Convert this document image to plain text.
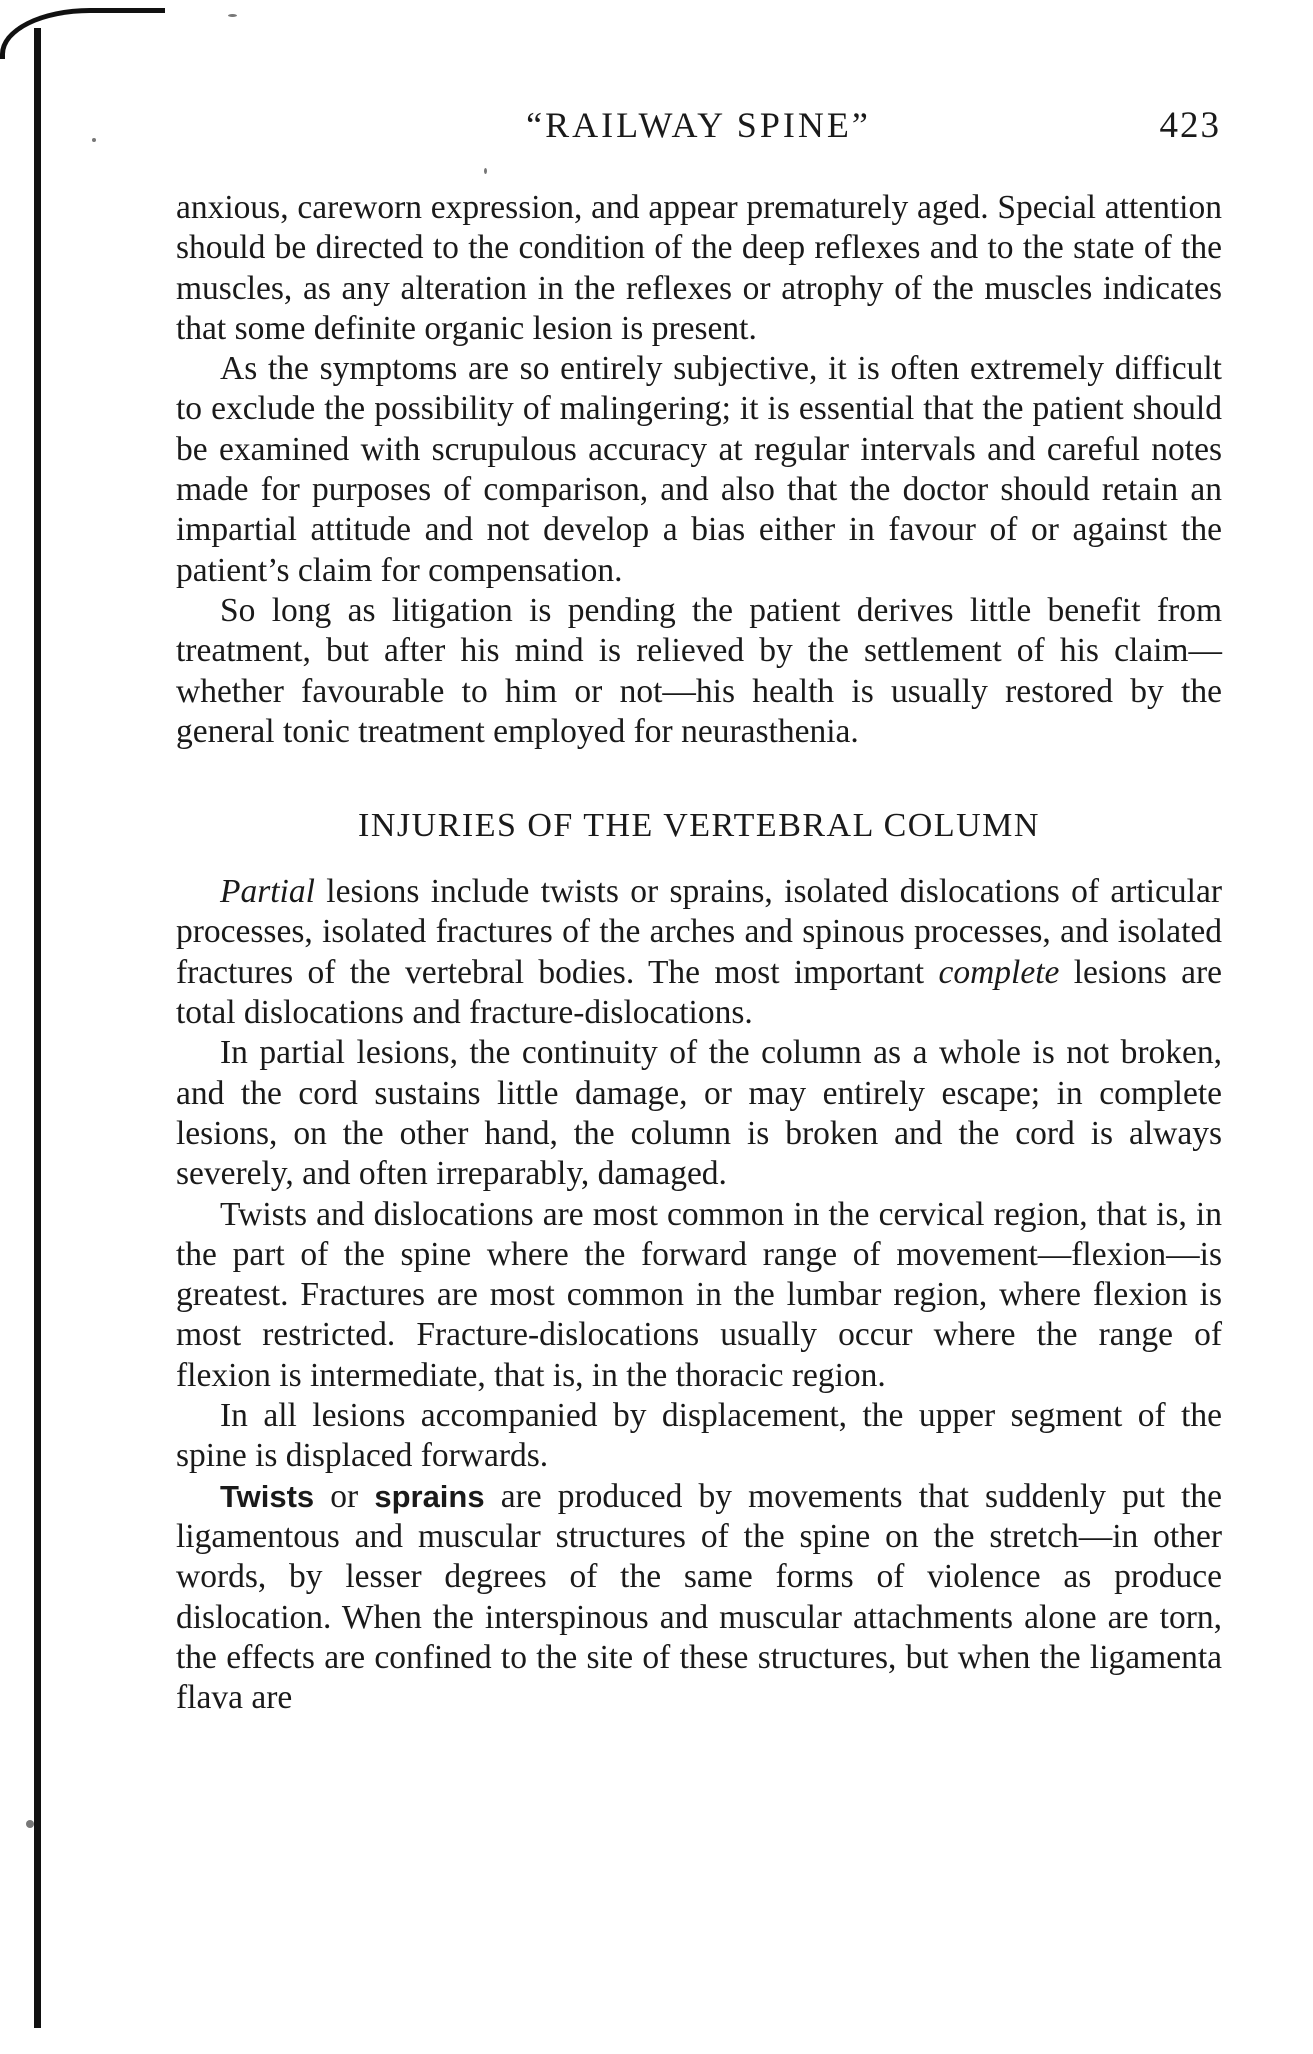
“RAILWAY SPINE”	423

anxious, careworn expression, and appear prematurely aged. Special attention should be directed to the condition of the deep reflexes and to the state of the muscles, as any alteration in the reflexes or atrophy of the muscles indicates that some definite organic lesion is present.

As the symptoms are so entirely subjective, it is often extremely difficult to exclude the possibility of malingering; it is essential that the patient should be examined with scrupulous accuracy at regular intervals and careful notes made for purposes of comparison, and also that the doctor should retain an impartial attitude and not develop a bias either in favour of or against the patient’s claim for compensation.

So long as litigation is pending the patient derives little benefit from treatment, but after his mind is relieved by the settlement of his claim—whether favourable to him or not—his health is usually restored by the general tonic treatment employed for neurasthenia.

INJURIES OF THE VERTEBRAL COLUMN

Partial lesions include twists or sprains, isolated dislocations of articular processes, isolated fractures of the arches and spinous processes, and isolated fractures of the vertebral bodies. The most important complete lesions are total dislocations and fracture-dislocations.

In partial lesions, the continuity of the column as a whole is not broken, and the cord sustains little damage, or may entirely escape; in complete lesions, on the other hand, the column is broken and the cord is always severely, and often irreparably, damaged.

Twists and dislocations are most common in the cervical region, that is, in the part of the spine where the forward range of movement—flexion—is greatest. Fractures are most common in the lumbar region, where flexion is most restricted. Fracture-dislocations usually occur where the range of flexion is intermediate, that is, in the thoracic region.

In all lesions accompanied by displacement, the upper segment of the spine is displaced forwards.

Twists or sprains are produced by movements that suddenly put the ligamentous and muscular structures of the spine on the stretch—in other words, by lesser degrees of the same forms of violence as produce dislocation. When the interspinous and muscular attachments alone are torn, the effects are confined to the site of these structures, but when the ligamenta flava are
